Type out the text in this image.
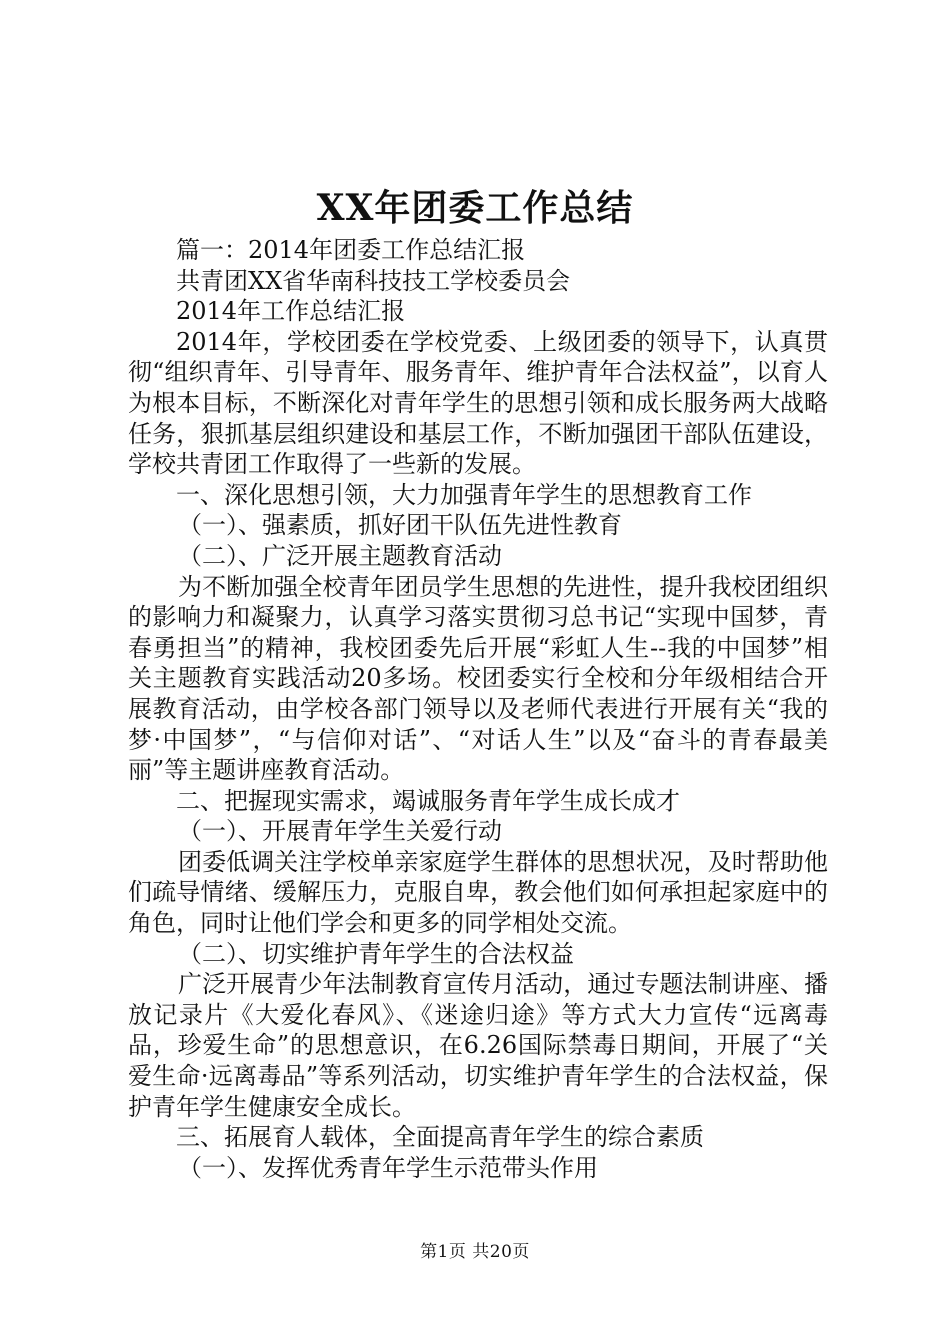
XX年团委工作总结

篇一：2014年团委工作总结汇报

共青团XX省华南科技技工学校委员会

2014年工作总结汇报

2014年，学校团委在学校党委、上级团委的领导下，认真贯彻“组织青年、引导青年、服务青年、维护青年合法权益”，以育人为根本目标，不断深化对青年学生的思想引领和成长服务两大战略任务，狠抓基层组织建设和基层工作，不断加强团干部队伍建设，学校共青团工作取得了一些新的发展。

一、深化思想引领，大力加强青年学生的思想教育工作

（一）、强素质，抓好团干队伍先进性教育

（二）、广泛开展主题教育活动

为不断加强全校青年团员学生思想的先进性，提升我校团组织的影响力和凝聚力，认真学习落实贯彻习总书记“实现中国梦，青春勇担当”的精神，我校团委先后开展“彩虹人生--我的中国梦”相关主题教育实践活动20多场。校团委实行全校和分年级相结合开展教育活动，由学校各部门领导以及老师代表进行开展有关“我的梦·中国梦”，“与信仰对话”、“对话人生”以及“奋斗的青春最美丽”等主题讲座教育活动。

二、把握现实需求，竭诚服务青年学生成长成才

（一）、开展青年学生关爱行动

团委低调关注学校单亲家庭学生群体的思想状况，及时帮助他们疏导情绪、缓解压力，克服自卑，教会他们如何承担起家庭中的角色，同时让他们学会和更多的同学相处交流。

（二）、切实维护青年学生的合法权益

广泛开展青少年法制教育宣传月活动，通过专题法制讲座、播放记录片《大爱化春风》、《迷途归途》等方式大力宣传“远离毒品，珍爱生命”的思想意识，在6.26国际禁毒日期间，开展了“关爱生命·远离毒品”等系列活动，切实维护青年学生的合法权益，保护青年学生健康安全成长。

三、拓展育人载体，全面提高青年学生的综合素质

（一）、发挥优秀青年学生示范带头作用

第1页 共20页
